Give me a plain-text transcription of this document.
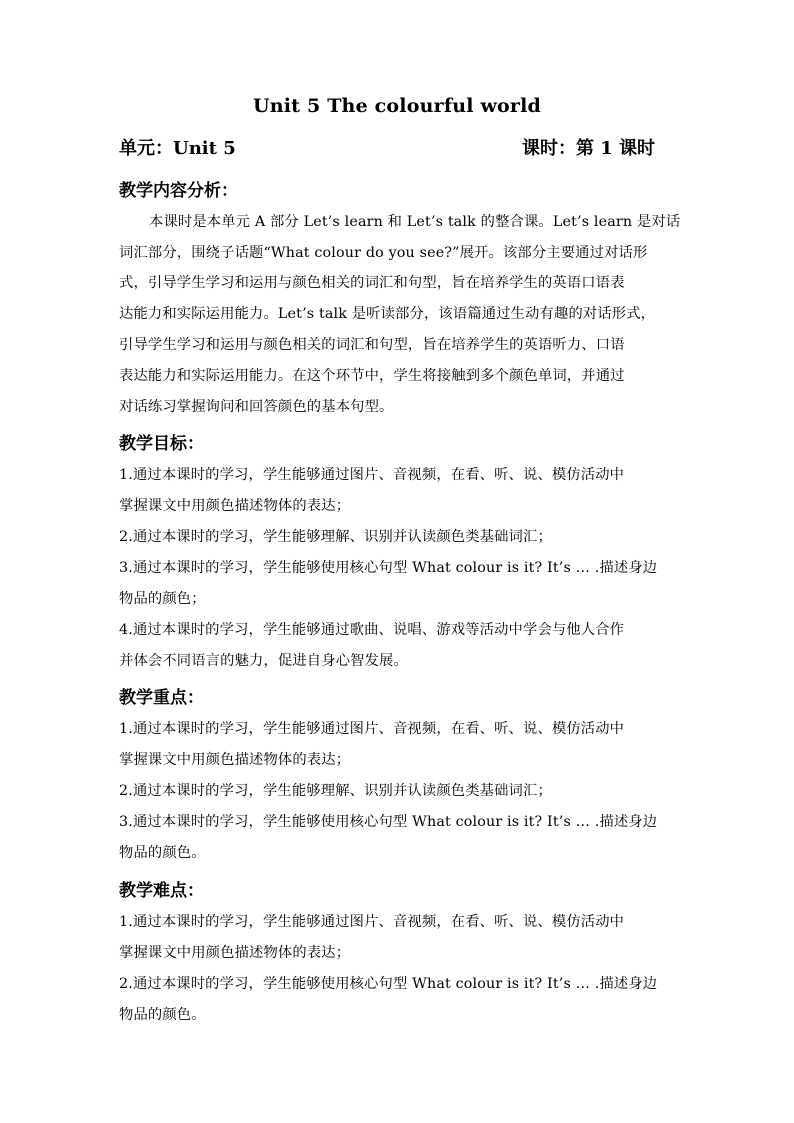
Unit 5 The colourful world
单元：Unit 5	课时：第 1 课时
教学内容分析：
本课时是本单元 A 部分 Let’s learn 和 Let’s talk 的整合课。Let’s learn 是对话
词汇部分，围绕子话题“What colour do you see?”展开。该部分主要通过对话形
式，引导学生学习和运用与颜色相关的词汇和句型，旨在培养学生的英语口语表
达能力和实际运用能力。Let’s talk 是听读部分，该语篇通过生动有趣的对话形式，
引导学生学习和运用与颜色相关的词汇和句型，旨在培养学生的英语听力、口语
表达能力和实际运用能力。在这个环节中，学生将接触到多个颜色单词，并通过
对话练习掌握询问和回答颜色的基本句型。
教学目标：
1.通过本课时的学习，学生能够通过图片、音视频，在看、听、说、模仿活动中
掌握课文中用颜色描述物体的表达；
2.通过本课时的学习，学生能够理解、识别并认读颜色类基础词汇；
3.通过本课时的学习，学生能够使用核心句型 What colour is it? It’s … .描述身边
物品的颜色；
4.通过本课时的学习，学生能够通过歌曲、说唱、游戏等活动中学会与他人合作
并体会不同语言的魅力，促进自身心智发展。
教学重点：
1.通过本课时的学习，学生能够通过图片、音视频，在看、听、说、模仿活动中
掌握课文中用颜色描述物体的表达；
2.通过本课时的学习，学生能够理解、识别并认读颜色类基础词汇；
3.通过本课时的学习，学生能够使用核心句型 What colour is it? It’s … .描述身边
物品的颜色。
教学难点：
1.通过本课时的学习，学生能够通过图片、音视频，在看、听、说、模仿活动中
掌握课文中用颜色描述物体的表达；
2.通过本课时的学习，学生能够使用核心句型 What colour is it? It’s … .描述身边
物品的颜色。
